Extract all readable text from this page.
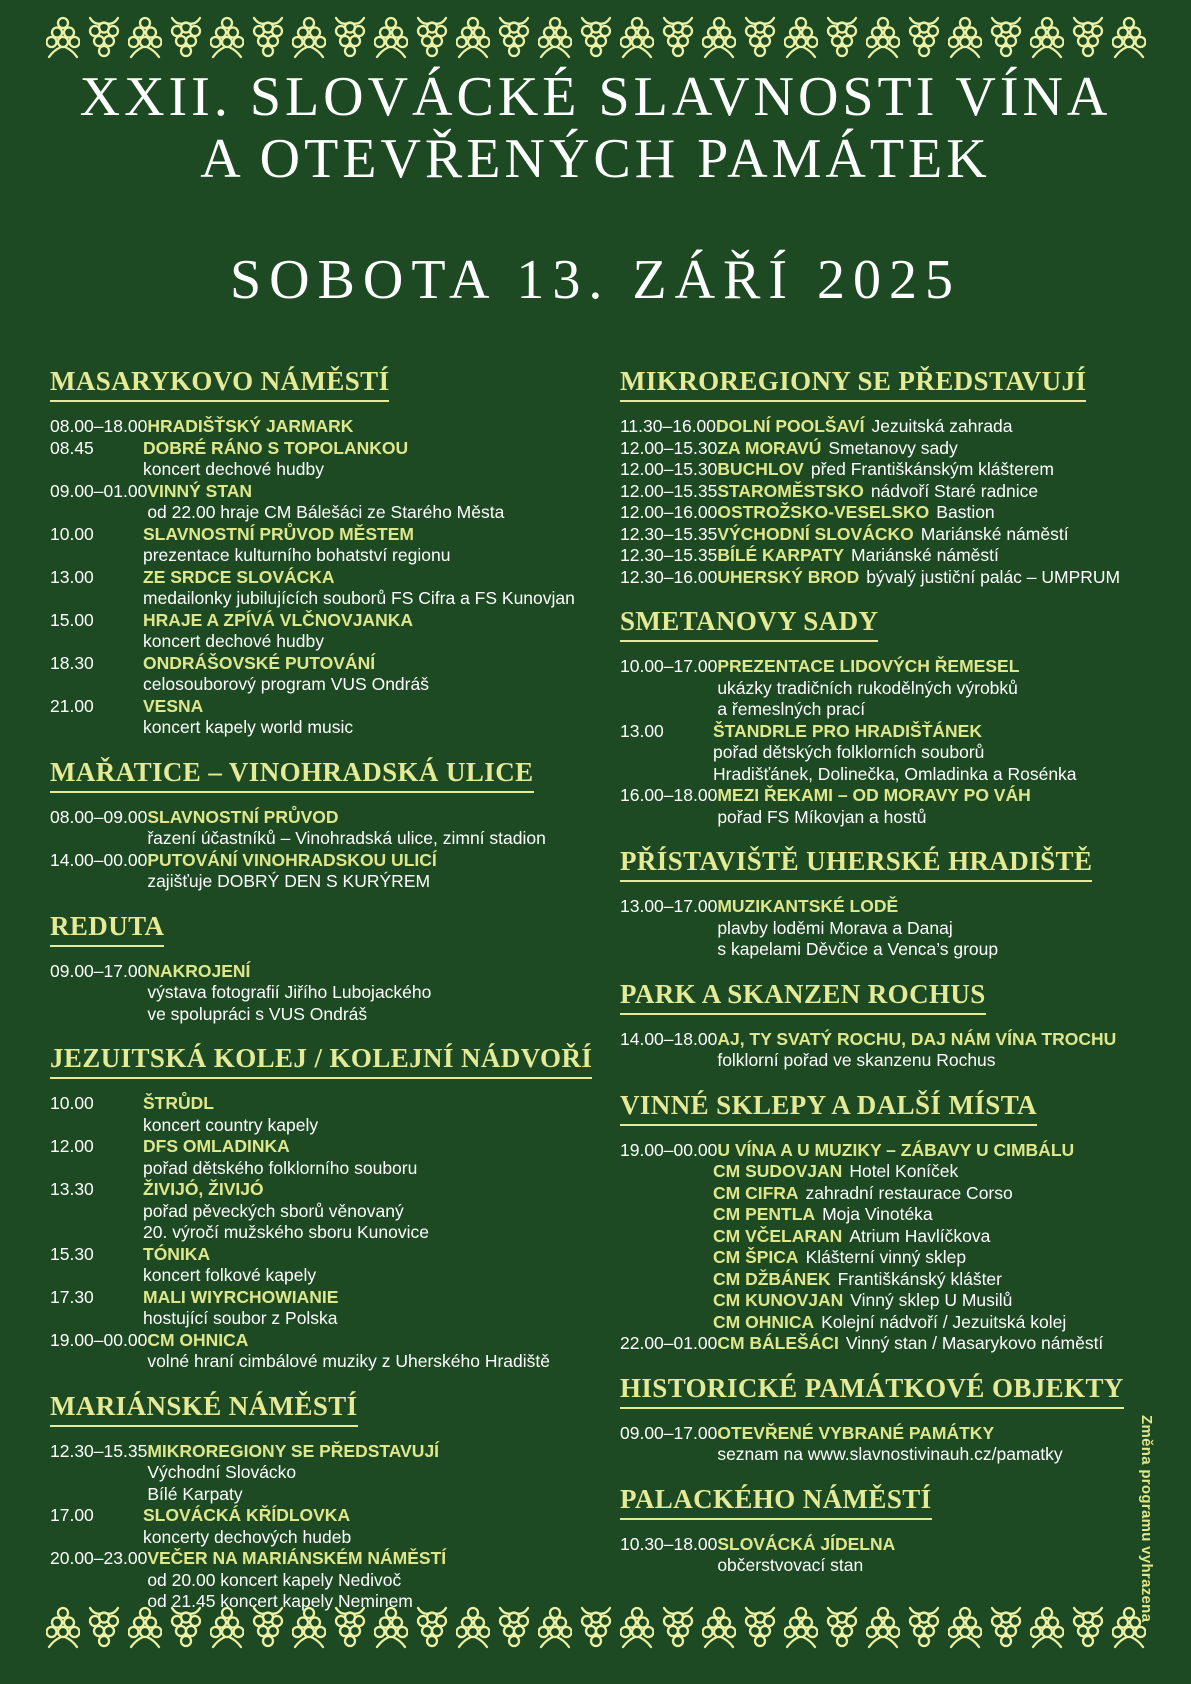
XXII. SLOVÁCKÉ SLAVNOSTI VÍNA
A OTEVŘENÝCH PAMÁTEK
SOBOTA 13. ZÁŘÍ 2025
MASARYKOVO NÁMĚSTÍ
08.00–18.00 HRADIŠŤSKÝ JARMARK
08.45	DOBRÉ RÁNO S TOPOLANKOU
koncert dechové hudby
09.00–01.00 VINNÝ STAN
od 22.00 hraje CM Bálešáci ze Starého Města
10.00	SLAVNOSTNÍ PRŮVOD MĚSTEM
prezentace kulturního bohatství regionu
13.00	ZE SRDCE SLOVÁCKA
medailonky jubilujících souborů FS Cifra a FS Kunovjan
15.00	HRAJE A ZPÍVÁ VLČNOVJANKA
koncert dechové hudby
18.30	ONDRÁŠOVSKÉ PUTOVÁNÍ
celosouborový program VUS Ondráš
21.00	VESNA
koncert kapely world music
MAŘATICE – VINOHRADSKÁ ULICE
08.00–09.00 SLAVNOSTNÍ PRŮVOD
řazení účastníků – Vinohradská ulice, zimní stadion
14.00–00.00 PUTOVÁNÍ VINOHRADSKOU ULICÍ
zajišťuje DOBRÝ DEN S KURÝREM
REDUTA
09.00–17.00 NAKROJENÍ
výstava fotografií Jiřího Lubojackého
ve spolupráci s VUS Ondráš
JEZUITSKÁ KOLEJ / KOLEJNÍ NÁDVOŘÍ
10.00	ŠTRŮDL
koncert country kapely
12.00	DFS OMLADINKA
pořad dětského folklorního souboru
13.30	ŽIVIJÓ, ŽIVIJÓ
pořad pěveckých sborů věnovaný
20. výročí mužského sboru Kunovice
15.30	TÓNIKA
koncert folkové kapely
17.30	MALI WIYRCHOWIANIE
hostující soubor z Polska
19.00–00.00 CM OHNICA
volné hraní cimbálové muziky z Uherského Hradiště
MARIÁNSKÉ NÁMĚSTÍ
12.30–15.35 MIKROREGIONY SE PŘEDSTAVUJÍ
Východní Slovácko
Bílé Karpaty
17.00	SLOVÁCKÁ KŘÍDLOVKA
koncerty dechových hudeb
20.00–23.00 VEČER NA MARIÁNSKÉM NÁMĚSTÍ
od 20.00 koncert kapely Nedivoč
od 21.45 koncert kapely Neminem
MIKROREGIONY SE PŘEDSTAVUJÍ
11.30–16.00 DOLNÍ POOLŠAVÍ Jezuitská zahrada
12.00–15.30 ZA MORAVÚ Smetanovy sady
12.00–15.30 BUCHLOV před Františkánským klášterem
12.00–15.35 STAROMĚSTSKO nádvoří Staré radnice
12.00–16.00 OSTROŽSKO-VESELSKO Bastion
12.30–15.35 VÝCHODNÍ SLOVÁCKO Mariánské náměstí
12.30–15.35 BÍLÉ KARPATY Mariánské náměstí
12.30–16.00 UHERSKÝ BROD bývalý justiční palác – UMPRUM
SMETANOVY SADY
10.00–17.00 PREZENTACE LIDOVÝCH ŘEMESEL
ukázky tradičních rukodělných výrobků
a řemeslných prací
13.00	ŠTANDRLE PRO HRADIŠŤÁNEK
pořad dětských folklorních souborů
Hradišťánek, Dolinečka, Omladinka a Rosénka
16.00–18.00 MEZI ŘEKAMI – OD MORAVY PO VÁH
pořad FS Míkovjan a hostů
PŘÍSTAVIŠTĚ UHERSKÉ HRADIŠTĚ
13.00–17.00 MUZIKANTSKÉ LODĚ
plavby loděmi Morava a Danaj
s kapelami Děvčice a Venca’s group
PARK A SKANZEN ROCHUS
14.00–18.00 AJ, TY SVATÝ ROCHU, DAJ NÁM VÍNA TROCHU
folklorní pořad ve skanzenu Rochus
VINNÉ SKLEPY A DALŠÍ MÍSTA
19.00–00.00 U VÍNA A U MUZIKY – ZÁBAVY U CIMBÁLU
CM SUDOVJAN Hotel Koníček
CM CIFRA zahradní restaurace Corso
CM PENTLA Moja Vinotéka
CM VČELARAN Atrium Havlíčkova
CM ŠPICA Klášterní vinný sklep
CM DŽBÁNEK Františkánský klášter
CM KUNOVJAN Vinný sklep U Musilů
CM OHNICA Kolejní nádvoří / Jezuitská kolej
22.00–01.00 CM BÁLEŠÁCI Vinný stan / Masarykovo náměstí
HISTORICKÉ PAMÁTKOVÉ OBJEKTY
09.00–17.00 OTEVŘENÉ VYBRANÉ PAMÁTKY
seznam na www.slavnostivinauh.cz/pamatky
PALACKÉHO NÁMĚSTÍ
10.30–18.00 SLOVÁCKÁ JÍDELNA
občerstvovací stan	Změna programu vyhrazena
